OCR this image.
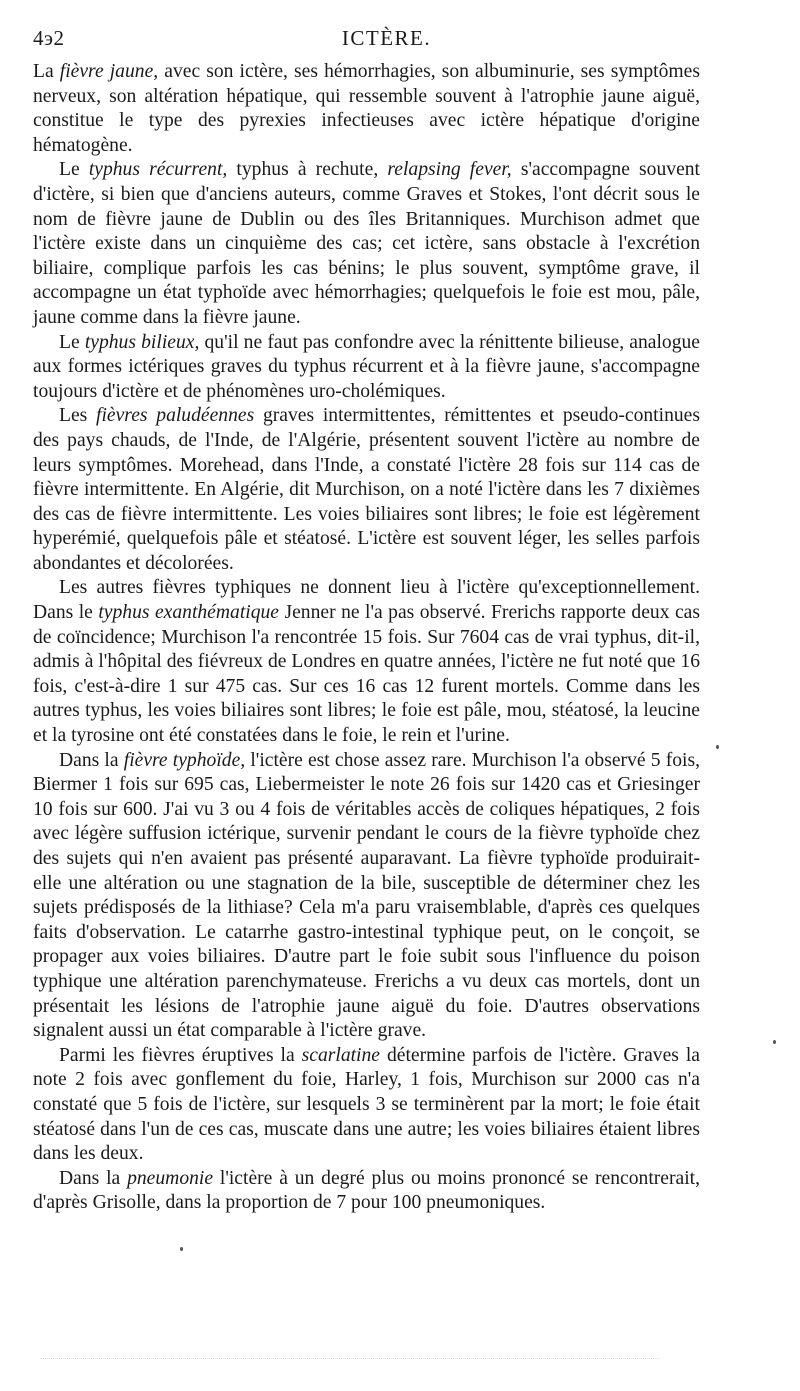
4э2	ICTÈRE.

La fièvre jaune, avec son ictère, ses hémorrhagies, son albuminurie, ses symptômes nerveux, son altération hépatique, qui ressemble souvent à l'atrophie jaune aiguë, constitue le type des pyrexies infectieuses avec ictère hépatique d'origine hématogène.

Le typhus récurrent, typhus à rechute, relapsing fever, s'accompagne souvent d'ictère, si bien que d'anciens auteurs, comme Graves et Stokes, l'ont décrit sous le nom de fièvre jaune de Dublin ou des îles Britanniques. Murchison admet que l'ictère existe dans un cinquième des cas; cet ictère, sans obstacle à l'excrétion biliaire, complique parfois les cas bénins; le plus souvent, symptôme grave, il accompagne un état typhoïde avec hémorrhagies; quelquefois le foie est mou, pâle, jaune comme dans la fièvre jaune.

Le typhus bilieux, qu'il ne faut pas confondre avec la rénittente bilieuse, analogue aux formes ictériques graves du typhus récurrent et à la fièvre jaune, s'accompagne toujours d'ictère et de phénomènes uro-cholémiques.

Les fièvres paludéennes graves intermittentes, rémittentes et pseudo-continues des pays chauds, de l'Inde, de l'Algérie, présentent souvent l'ictère au nombre de leurs symptômes. Morehead, dans l'Inde, a constaté l'ictère 28 fois sur 114 cas de fièvre intermittente. En Algérie, dit Murchison, on a noté l'ictère dans les 7 dixièmes des cas de fièvre intermittente. Les voies biliaires sont libres; le foie est légèrement hyperémié, quelquefois pâle et stéatosé. L'ictère est souvent léger, les selles parfois abondantes et décolorées.

Les autres fièvres typhiques ne donnent lieu à l'ictère qu'exceptionnellement. Dans le typhus exanthématique Jenner ne l'a pas observé. Frerichs rapporte deux cas de coïncidence; Murchison l'a rencontrée 15 fois. Sur 7604 cas de vrai typhus, dit-il, admis à l'hôpital des fiévreux de Londres en quatre années, l'ictère ne fut noté que 16 fois, c'est-à-dire 1 sur 475 cas. Sur ces 16 cas 12 furent mortels. Comme dans les autres typhus, les voies biliaires sont libres; le foie est pâle, mou, stéatosé, la leucine et la tyrosine ont été constatées dans le foie, le rein et l'urine.

Dans la fièvre typhoïde, l'ictère est chose assez rare. Murchison l'a observé 5 fois, Biermer 1 fois sur 695 cas, Liebermeister le note 26 fois sur 1420 cas et Griesinger 10 fois sur 600. J'ai vu 3 ou 4 fois de véritables accès de coliques hépatiques, 2 fois avec légère suffusion ictérique, survenir pendant le cours de la fièvre typhoïde chez des sujets qui n'en avaient pas présenté auparavant. La fièvre typhoïde produirait-elle une altération ou une stagnation de la bile, susceptible de déterminer chez les sujets prédisposés de la lithiase? Cela m'a paru vraisemblable, d'après ces quelques faits d'observation. Le catarrhe gastro-intestinal typhique peut, on le conçoit, se propager aux voies biliaires. D'autre part le foie subit sous l'influence du poison typhique une altération parenchymateuse. Frerichs a vu deux cas mortels, dont un présentait les lésions de l'atrophie jaune aiguë du foie. D'autres observations signalent aussi un état comparable à l'ictère grave.

Parmi les fièvres éruptives la scarlatine détermine parfois de l'ictère. Graves la note 2 fois avec gonflement du foie, Harley, 1 fois, Murchison sur 2000 cas n'a constaté que 5 fois de l'ictère, sur lesquels 3 se terminèrent par la mort; le foie était stéatosé dans l'un de ces cas, muscate dans une autre; les voies biliaires étaient libres dans les deux.

Dans la pneumonie l'ictère à un degré plus ou moins prononcé se rencontrerait, d'après Grisolle, dans la proportion de 7 pour 100 pneumoniques.
